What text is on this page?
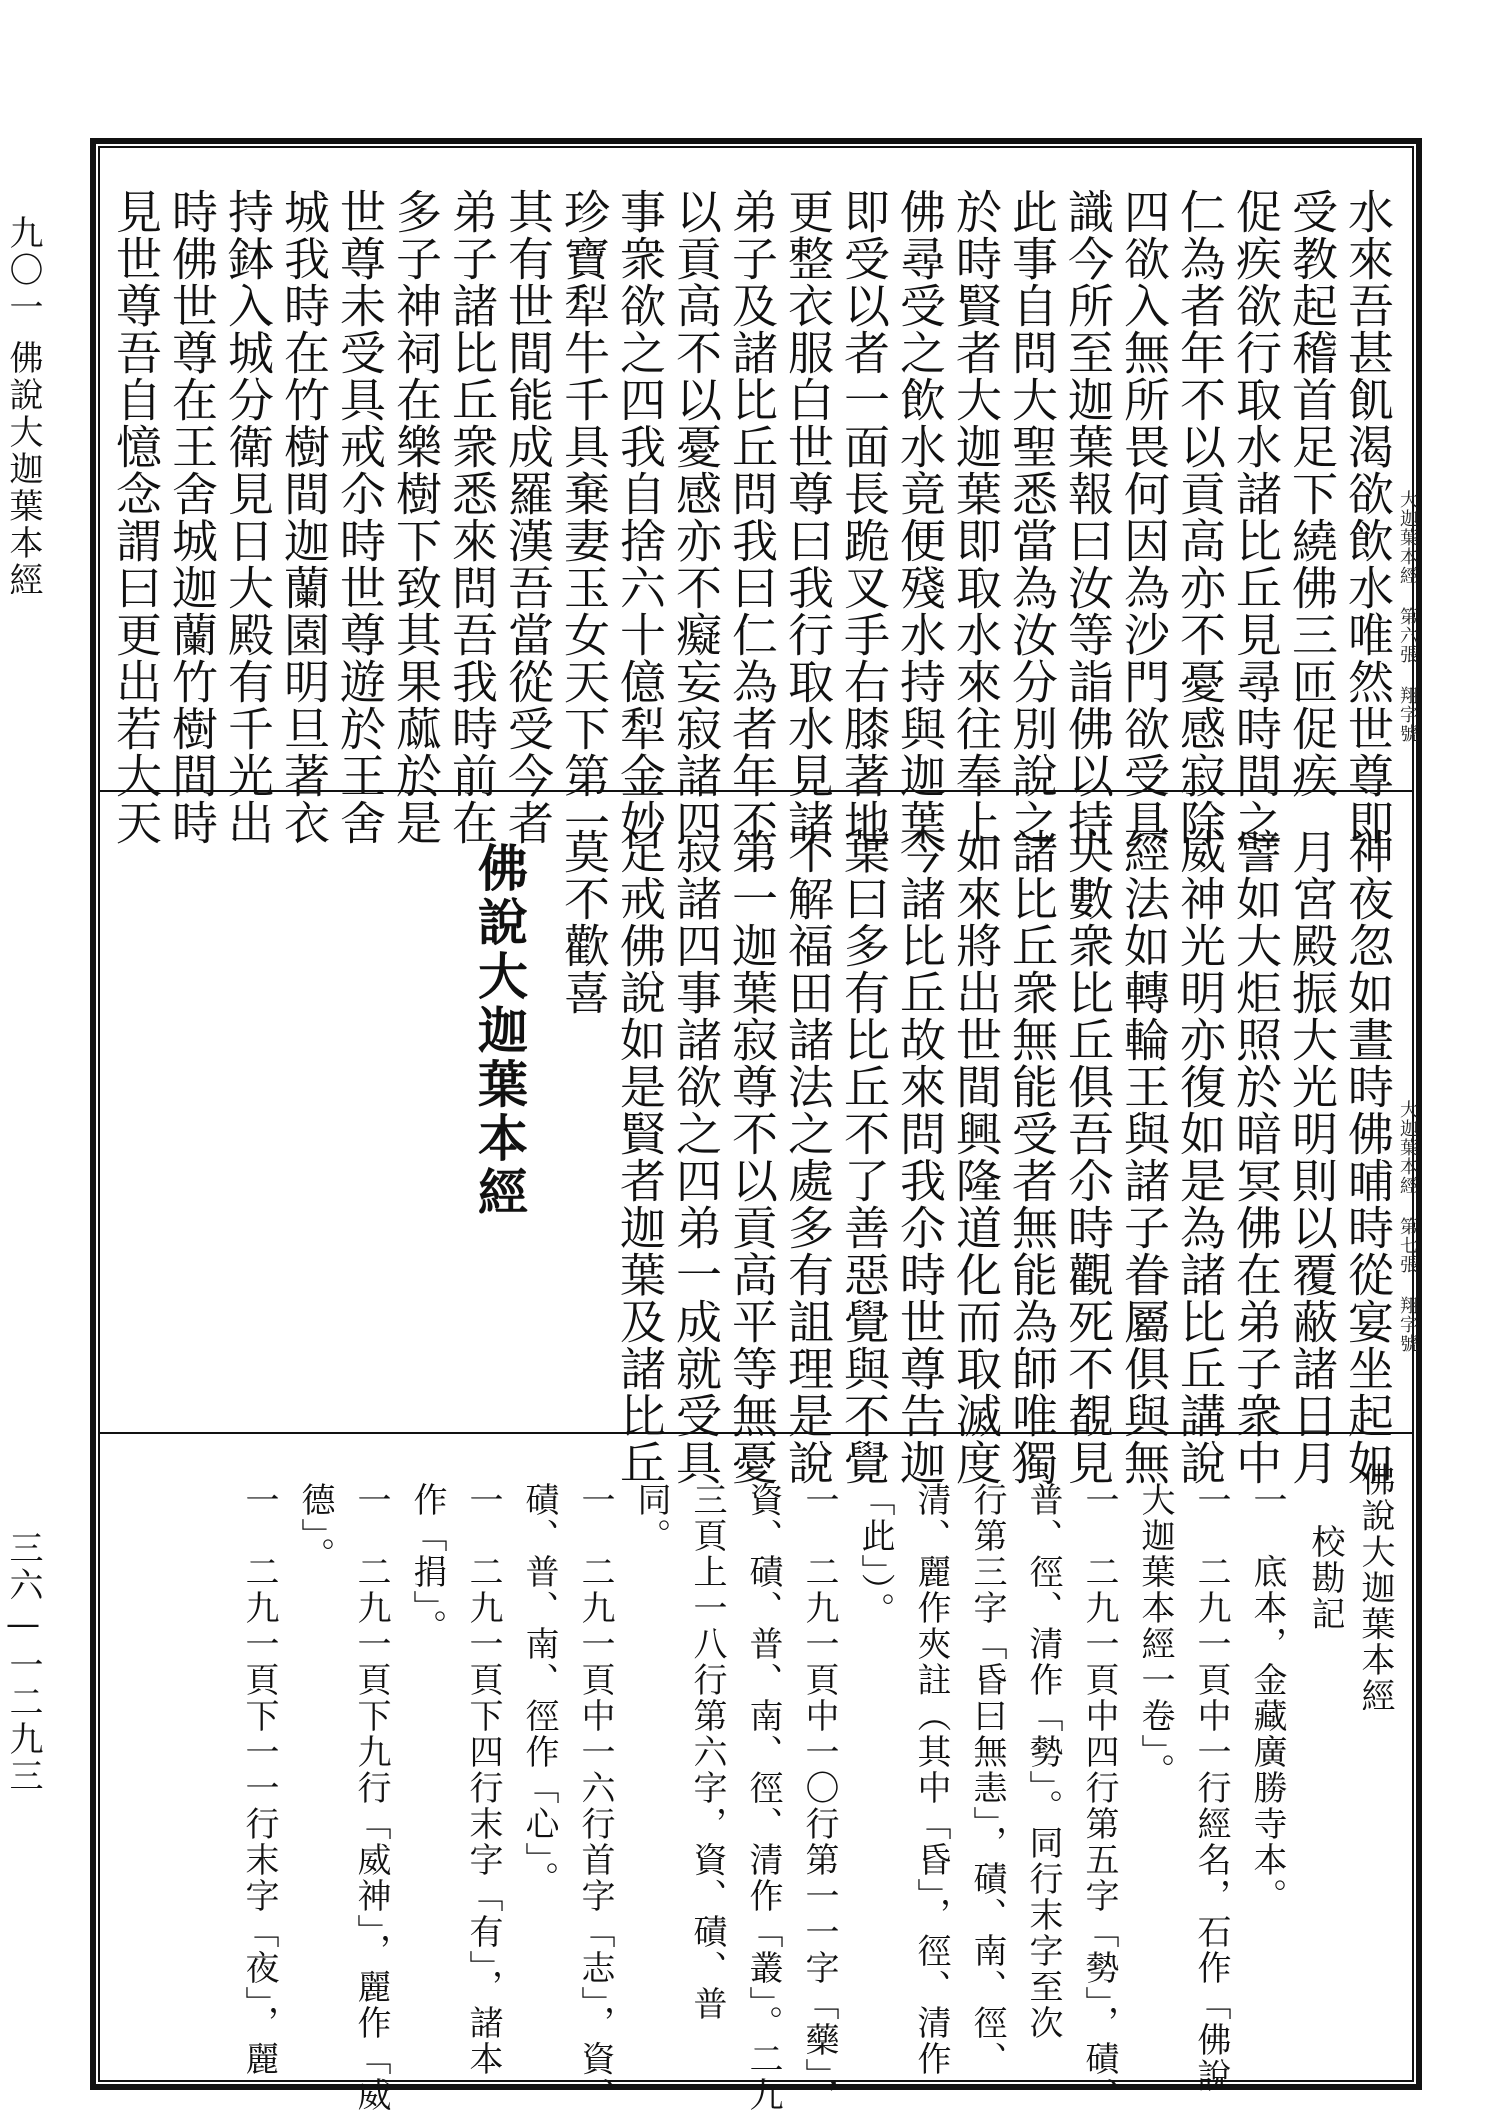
九〇一
佛說大迦葉本經
三六—一二九三
水來吾甚飢渴欲飲水唯然世尊即
受教起稽首足下繞佛三匝促疾
促疾欲行取水諸比丘見尋時問之
仁為者年不以貢高亦不憂感寂除
四欲入無所畏何因為沙門欲受具
識今所至迦葉報曰汝等詣佛以持
此事自問大聖悉當為汝分別說之
於時賢者大迦葉即取水來往奉上
佛尋受之飲水竟便殘水持與迦葉
即受以者一面長跪叉手右膝著地
更整衣服白世尊曰我行取水見諸
弟子及諸比丘問我曰仁為者年不
以貢高不以憂感亦不癡妄寂諸四
事衆欲之四我自捨六十億犁金妙
珍寶犁牛千具棄妻玉女天下第一
其有世間能成羅漢吾當從受今者
弟子諸比丘衆悉來問吾我時前在
多子神祠在樂樹下致其果蓏於是
世尊未受具戒尒時世尊遊於王舍
城我時在竹樹間迦蘭園明旦著衣
持鉢入城分衛見日大殿有千光出
時佛世尊在王舍城迦蘭竹樹間時
見世尊吾自憶念謂曰更出若大天	大迦葉本經 第六張 翔字號
神夜忽如晝時佛晡時從宴坐起如
月宮殿振大光明則以覆蔽諸日月
譬如大炬照於暗冥佛在弟子衆中
威神光明亦復如是為諸比丘講說
經法如轉輪王與諸子眷屬俱與無
央數衆比丘俱吾尒時觀死不覩見
諸比丘衆無能受者無能為師唯獨
如來將出世間興隆道化而取滅度
今諸比丘故來問我尒時世尊告迦
葉曰多有比丘不了善惡覺與不覺
不解福田諸法之處多有詛理是說
第一迦葉寂尊不以貢高平等無憂
寂諸四事諸欲之四弟一成就受具
足戒佛說如是賢者迦葉及諸比丘
莫不歡喜
佛說大迦葉本經
大迦葉本經 第七張 翔字號
佛說大迦葉本經
校勘記
一　底本，金藏廣勝寺本。
一　二九一頁中一行經名，石作「佛說
大迦葉本經一卷」。
一　二九一頁中四行第五字「勢」，磧、
普、徑、清作「勢」。同行末字至次
行第三字「昏曰無恚」，磧、南、徑、
清、麗作夾註（其中「昏」，徑、清作
「此」）。
一　二九一頁中一〇行第一一字「藥」，
資、磧、普、南、徑、清作「叢」。二九
三頁上一八行第六字，資、磧、普
同。
一　二九一頁中一六行首字「志」，資、
磧、普、南、徑作「心」。
一　二九一頁下四行末字「有」，諸本
作「捐」。
一　二九一頁下九行「威神」，麗作「威
德」。
一　二九一頁下一一行末字「夜」，麗
